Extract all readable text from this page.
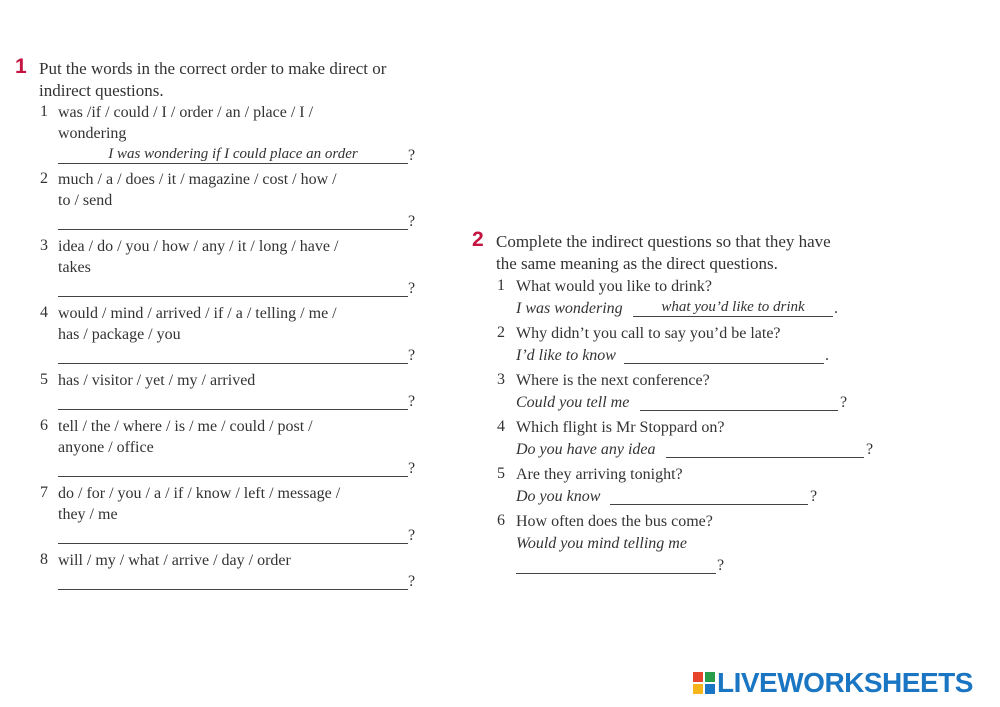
1 Put the words in the correct order to make direct or
indirect questions.
1 was /if / could / I / order / an / place / I /
wondering
I was wondering if I could place an order	?
2 much / a / does / it / magazine / cost / how /
to / send
?
3 idea / do / you / how / any / it / long / have /
takes
?
4 would / mind / arrived / if / a / telling / me /
has / package / you
?
5 has / visitor / yet / my / arrived
?
6 tell / the / where / is / me / could / post /
anyone / office
?
7 do / for / you / a / if / know / left / message /
they / me
?
8 will / my / what / arrive / day / order
?
2 Complete the indirect questions so that they have
the same meaning as the direct questions.
1 What would you like to drink?
I was wondering	what you’d like to drink	.
2 Why didn’t you call to say you’d be late?
I’d like to know	.
3 Where is the next conference?
Could you tell me	?
4 Which flight is Mr Stoppard on?
Do you have any idea	?
5 Are they arriving tonight?
Do you know	?
6 How often does the bus come?
Would you mind telling me
?
LIVEWORKSHEETS
